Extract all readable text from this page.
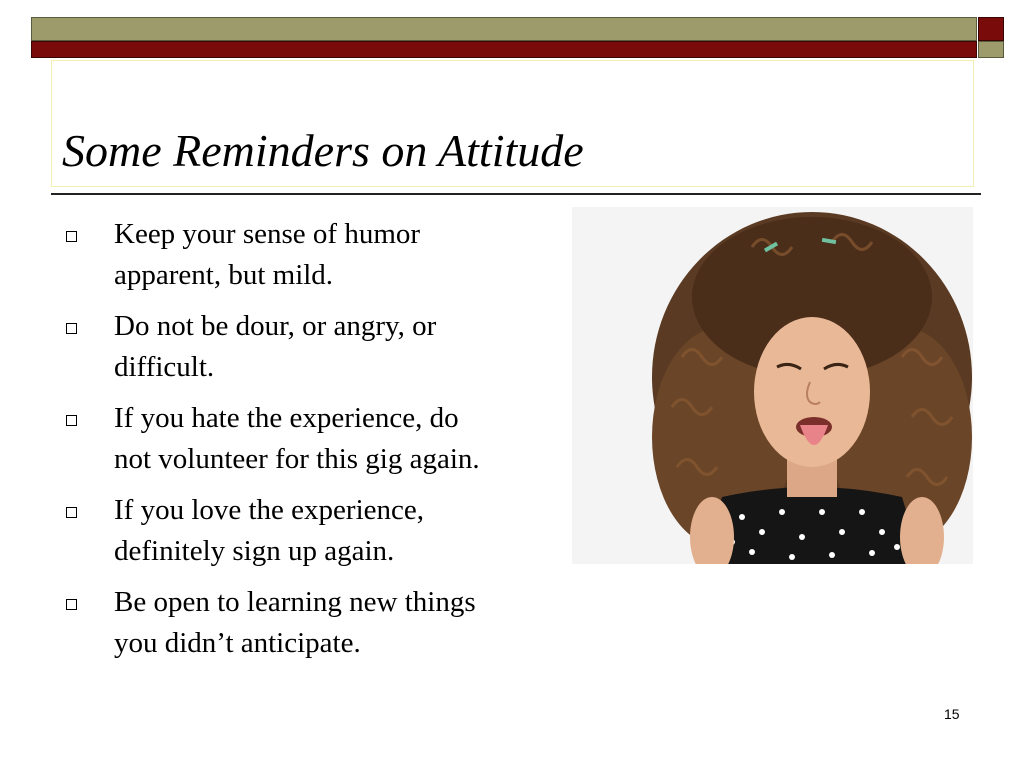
Some Reminders on Attitude
Keep your sense of humor apparent, but mild.
Do not be dour, or angry, or difficult.
If you hate the experience, do not volunteer for this gig again.
If you love the experience, definitely sign up again.
Be open to learning new things you didn’t anticipate.
15
